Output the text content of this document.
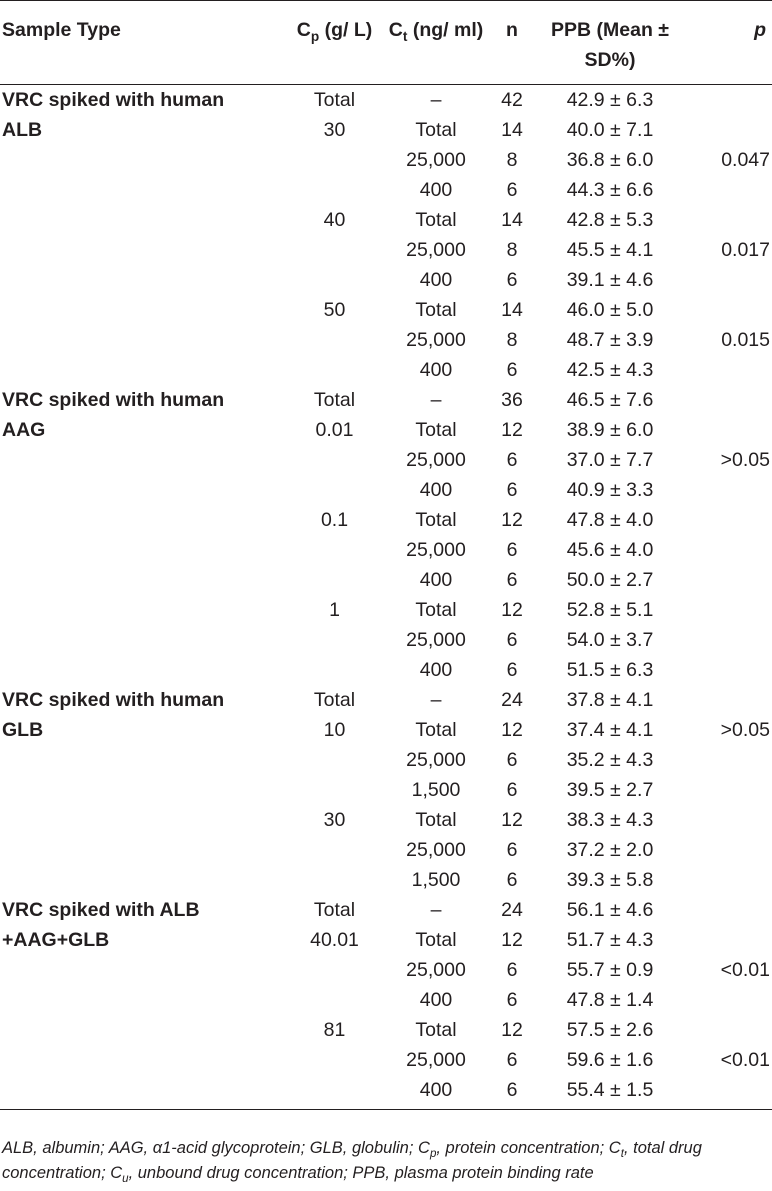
Sample Type	$C_p$ (g/ L)	$C_t$ (ng/ ml)	n	PPB (Mean ± SD%)	p
VRC spiked with human	Total	–	42	42.9 ± 6.3	
ALB	30	Total	14	40.0 ± 7.1	
		25,000	8	36.8 ± 6.0	0.047
		400	6	44.3 ± 6.6	
	40	Total	14	42.8 ± 5.3	
		25,000	8	45.5 ± 4.1	0.017
		400	6	39.1 ± 4.6	
	50	Total	14	46.0 ± 5.0	
		25,000	8	48.7 ± 3.9	0.015
		400	6	42.5 ± 4.3	
VRC spiked with human	Total	–	36	46.5 ± 7.6	
AAG	0.01	Total	12	38.9 ± 6.0	
		25,000	6	37.0 ± 7.7	>0.05
		400	6	40.9 ± 3.3	
	0.1	Total	12	47.8 ± 4.0	
		25,000	6	45.6 ± 4.0	
		400	6	50.0 ± 2.7	
	1	Total	12	52.8 ± 5.1	
		25,000	6	54.0 ± 3.7	
		400	6	51.5 ± 6.3	
VRC spiked with human	Total	–	24	37.8 ± 4.1	
GLB	10	Total	12	37.4 ± 4.1	>0.05
		25,000	6	35.2 ± 4.3	
		1,500	6	39.5 ± 2.7	
	30	Total	12	38.3 ± 4.3	
		25,000	6	37.2 ± 2.0	
		1,500	6	39.3 ± 5.8	
VRC spiked with ALB	Total	–	24	56.1 ± 4.6	
+AAG+GLB	40.01	Total	12	51.7 ± 4.3	
		25,000	6	55.7 ± 0.9	<0.01
		400	6	47.8 ± 1.4	
	81	Total	12	57.5 ± 2.6	
		25,000	6	59.6 ± 1.6	<0.01
		400	6	55.4 ± 1.5	
ALB, albumin; AAG, α1-acid glycoprotein; GLB, globulin; $C_p$, protein concentration; $C_t$, total drug concentration; $C_u$, unbound drug concentration; PPB, plasma protein binding rate
